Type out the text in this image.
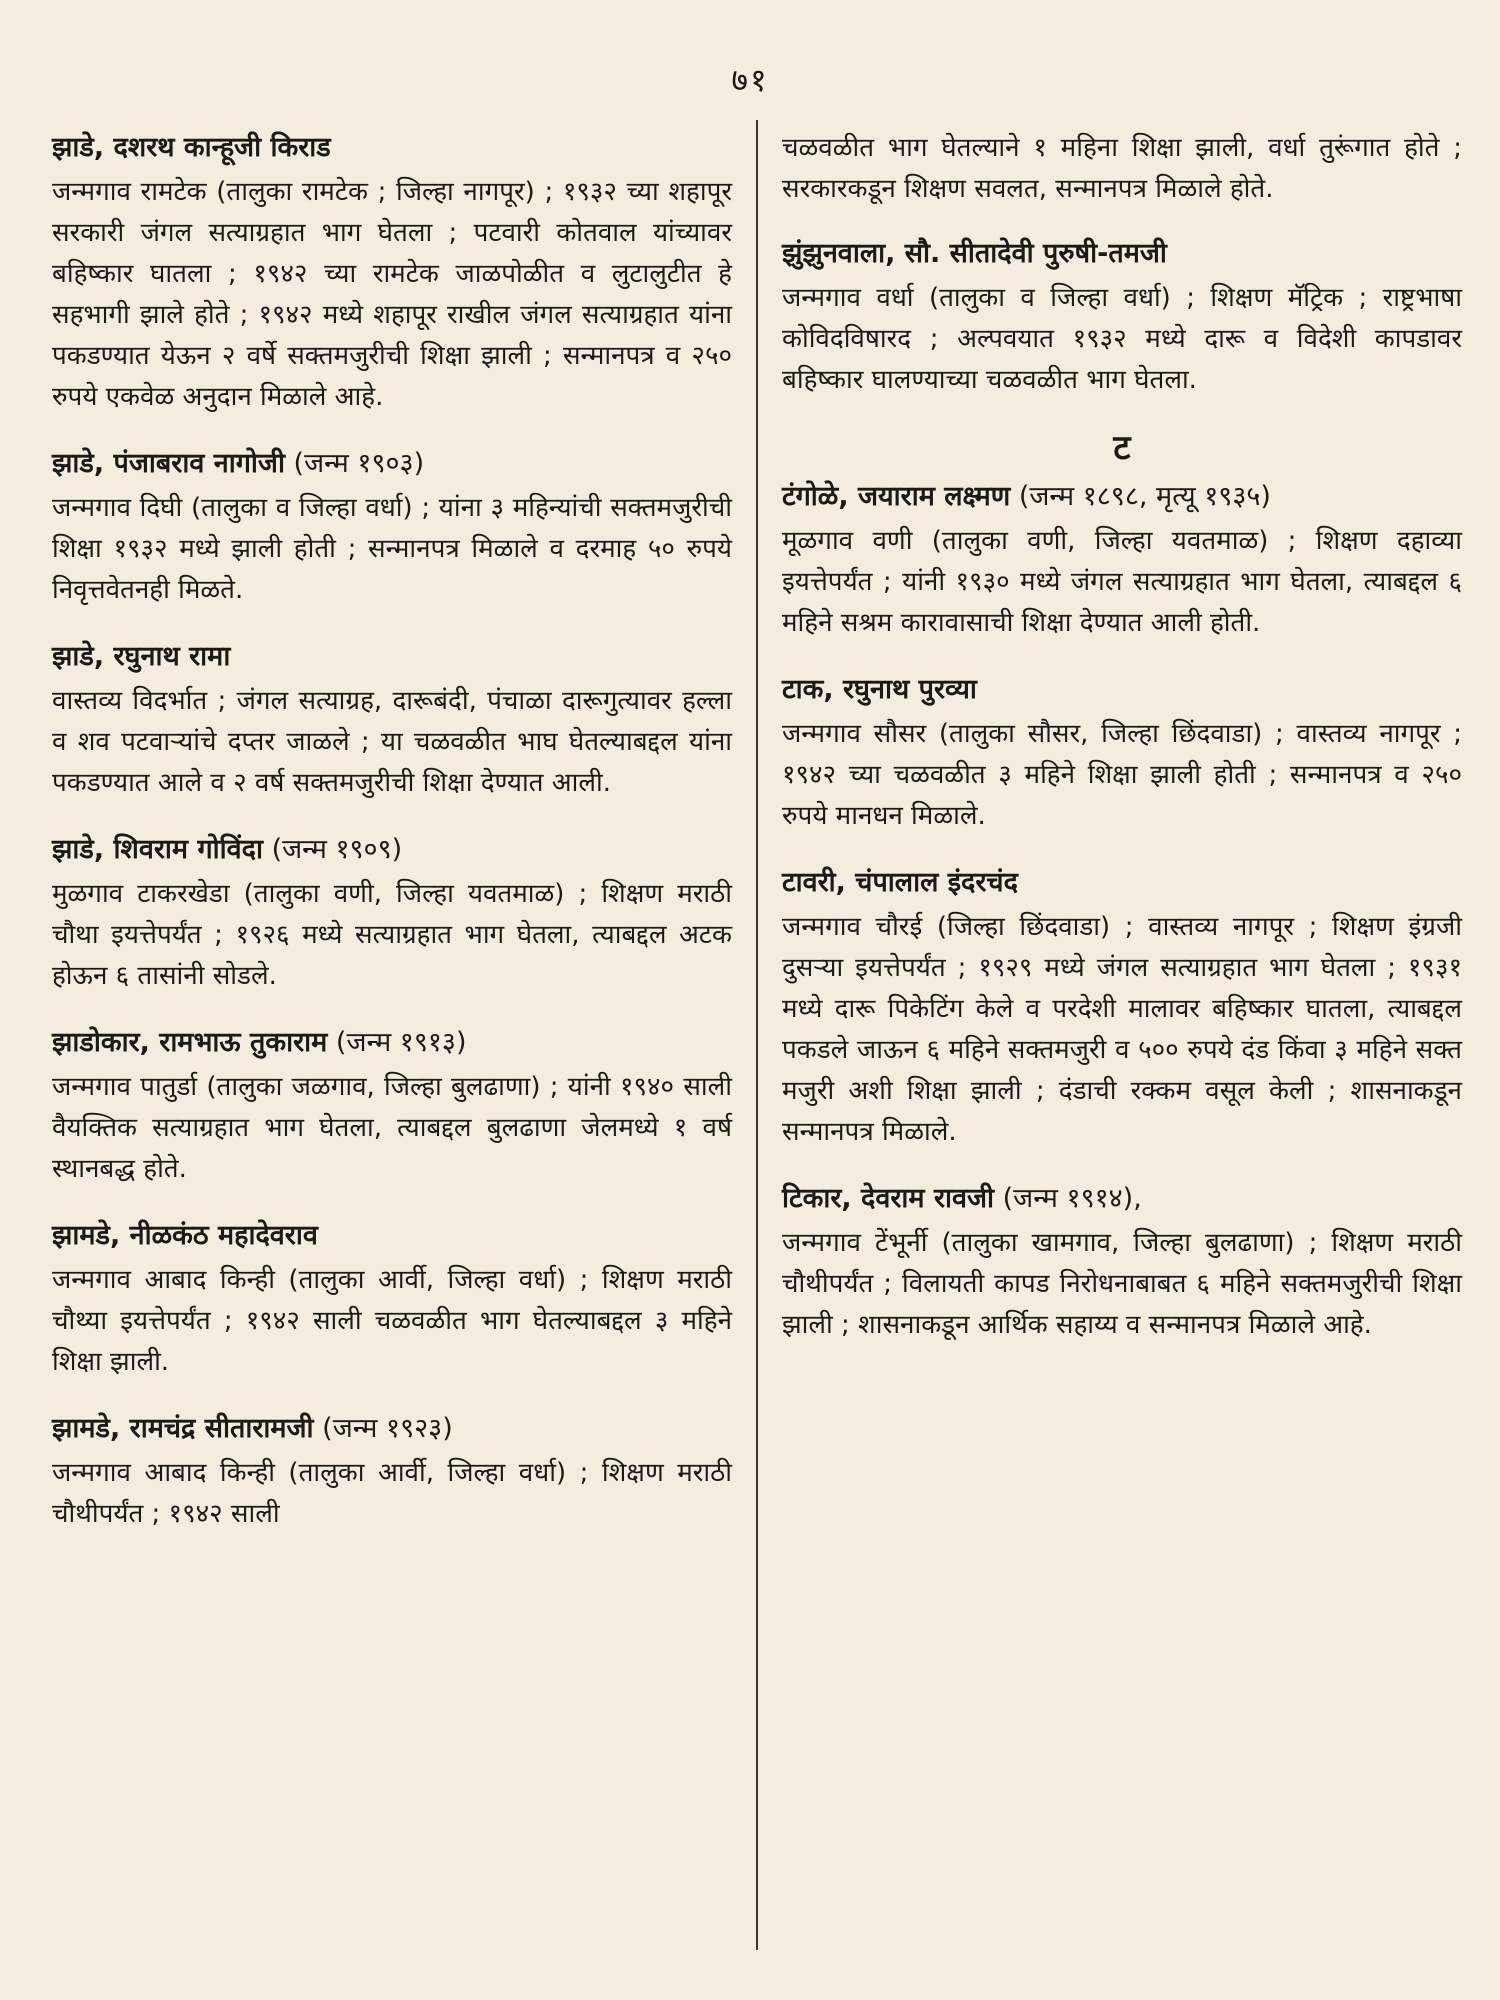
७१
झाडे, दशरथ कान्हूजी किराड

जन्मगाव रामटेक (तालुका रामटेक ; जिल्हा नागपूर) ; १९३२ च्या शहापूर सरकारी जंगल सत्याग्रहात भाग घेतला ; पटवारी कोतवाल यांच्यावर बहिष्कार घातला ; १९४२ च्या रामटेक जाळपोळीत व लुटालुटीत हे सहभागी झाले होते ; १९४२ मध्ये शहापूर राखील जंगल सत्याग्रहात यांना पकडण्यात येऊन २ वर्षे सक्तमजुरीची शिक्षा झाली ; सन्मानपत्र व २५० रुपये एकवेळ अनुदान मिळाले आहे.

झाडे, पंजाबराव नागोजी (जन्म १९०३)

जन्मगाव दिघी (तालुका व जिल्हा वर्धा) ; यांना ३ महिन्यांची सक्तमजुरीची शिक्षा १९३२ मध्ये झाली होती ; सन्मानपत्र मिळाले व दरमाह ५० रुपये निवृत्तवेतनही मिळते.

झाडे, रघुनाथ रामा

वास्तव्य विदर्भात ; जंगल सत्याग्रह, दारूबंदी, पंचाळा दारूगुत्यावर हल्ला व शव पटवाऱ्यांचे दप्तर जाळले ; या चळवळीत भाघ घेतल्याबद्दल यांना पकडण्यात आले व २ वर्ष सक्तमजुरीची शिक्षा देण्यात आली.

झाडे, शिवराम गोविंदा (जन्म १९०९)

मुळगाव टाकरखेडा (तालुका वणी, जिल्हा यवतमाळ) ; शिक्षण मराठी चौथा इयत्तेपर्यंत ; १९२६ मध्ये सत्याग्रहात भाग घेतला, त्याबद्दल अटक होऊन ६ तासांनी सोडले.

झाडोकार, रामभाऊ तुकाराम (जन्म १९१३)

जन्मगाव पातुर्डा (तालुका जळगाव, जिल्हा बुलढाणा) ; यांनी १९४० साली वैयक्तिक सत्याग्रहात भाग घेतला, त्याबद्दल बुलढाणा जेलमध्ये १ वर्ष स्थानबद्ध होते.

झामडे, नीळकंठ महादेवराव

जन्मगाव आबाद किन्ही (तालुका आर्वी, जिल्हा वर्धा) ; शिक्षण मराठी चौथ्या इयत्तेपर्यंत ; १९४२ साली चळवळीत भाग घेतल्याबद्दल ३ महिने शिक्षा झाली.

झामडे, रामचंद्र सीतारामजी (जन्म १९२३)

जन्मगाव आबाद किन्ही (तालुका आर्वी, जिल्हा वर्धा) ; शिक्षण मराठी चौथीपर्यंत ; १९४२ साली

चळवळीत भाग घेतल्याने १ महिना शिक्षा झाली, वर्धा तुरूंगात होते ; सरकारकडून शिक्षण सवलत, सन्मानपत्र मिळाले होते.

झुंझुनवाला, सौ. सीतादेवी पुरुषी-तमजी

जन्मगाव वर्धा (तालुका व जिल्हा वर्धा) ; शिक्षण मॅट्रिक ; राष्ट्रभाषा कोविदविषारद ; अल्पवयात १९३२ मध्ये दारू व विदेशी कापडावर बहिष्कार घालण्याच्या चळवळीत भाग घेतला.

ट
टंगोळे, जयाराम लक्ष्मण (जन्म १८९८, मृत्यू १९३५)

मूळगाव वणी (तालुका वणी, जिल्हा यवतमाळ) ; शिक्षण दहाव्या इयत्तेपर्यंत ; यांनी १९३० मध्ये जंगल सत्याग्रहात भाग घेतला, त्याबद्दल ६ महिने सश्रम कारावासाची शिक्षा देण्यात आली होती.

टाक, रघुनाथ पुरव्या

जन्मगाव सौसर (तालुका सौसर, जिल्हा छिंदवाडा) ; वास्तव्य नागपूर ; १९४२ च्या चळवळीत ३ महिने शिक्षा झाली होती ; सन्मानपत्र व २५० रुपये मानधन मिळाले.

टावरी, चंपालाल इंदरचंद

जन्मगाव चौरई (जिल्हा छिंदवाडा) ; वास्तव्य नागपूर ; शिक्षण इंग्रजी दुसऱ्या इयत्तेपर्यंत ; १९२९ मध्ये जंगल सत्याग्रहात भाग घेतला ; १९३१ मध्ये दारू पिकेटिंग केले व परदेशी मालावर बहिष्कार घातला, त्याबद्दल पकडले जाऊन ६ महिने सक्तमजुरी व ५०० रुपये दंड किंवा ३ महिने सक्त मजुरी अशी शिक्षा झाली ; दंडाची रक्कम वसूल केली ; शासनाकडून सन्मानपत्र मिळाले.

टिकार, देवराम रावजी (जन्म १९१४),

जन्मगाव टेंभूर्नी (तालुका खामगाव, जिल्हा बुलढाणा) ; शिक्षण मराठी चौथीपर्यंत ; विलायती कापड निरोधनाबाबत ६ महिने सक्तमजुरीची शिक्षा झाली ; शासनाकडून आर्थिक सहाय्य व सन्मानपत्र मिळाले आहे.
